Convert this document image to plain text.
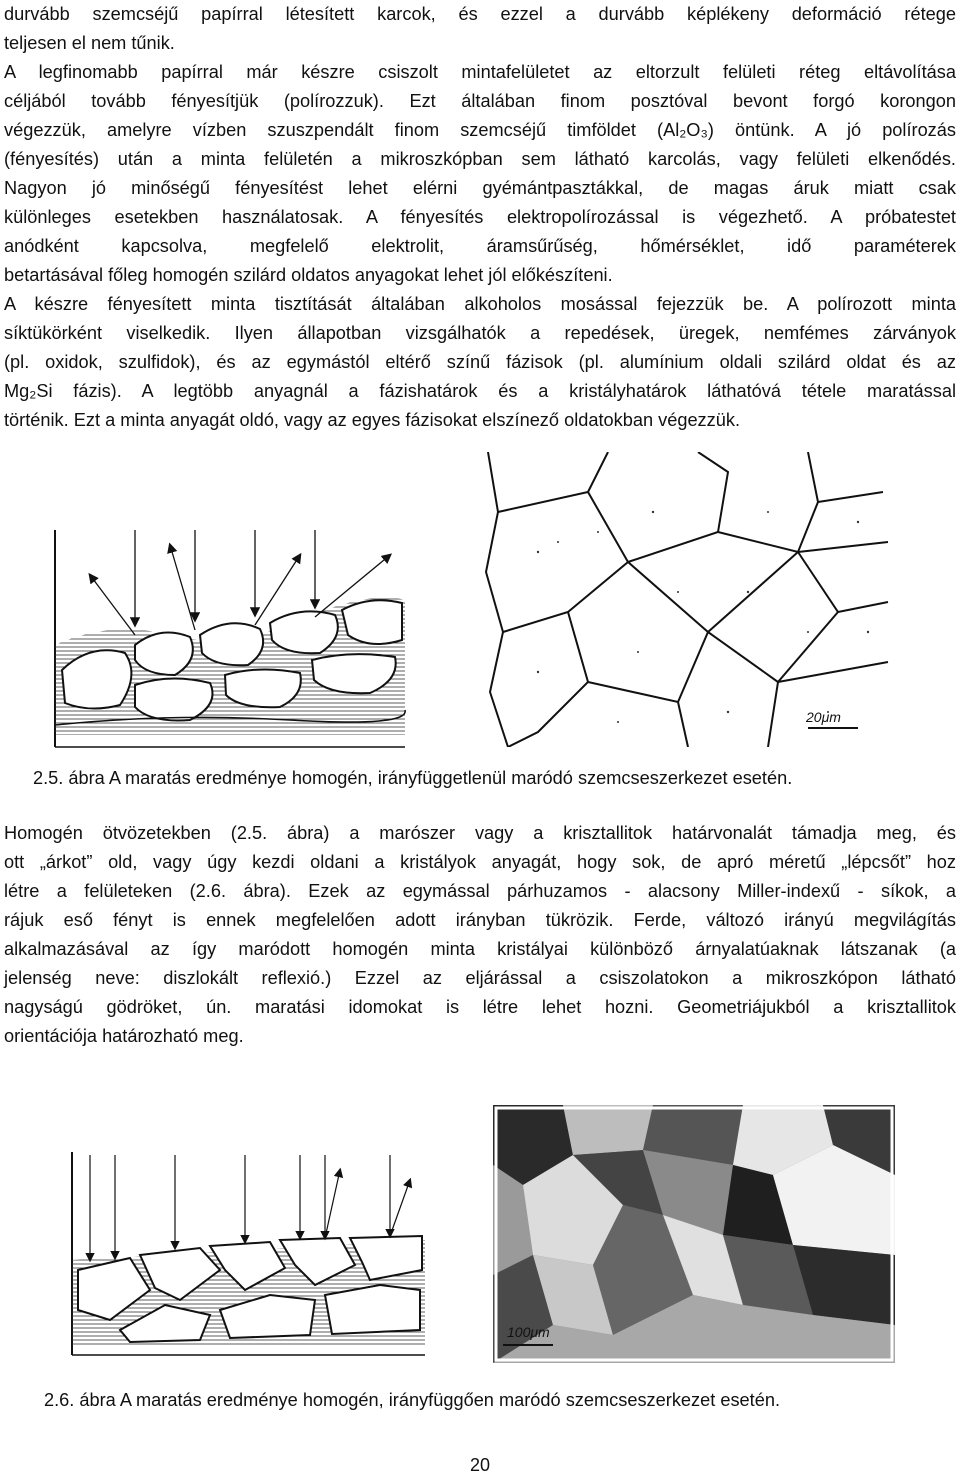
durvább szemcséjű papírral létesített karcok, és ezzel a durvább képlékeny deformáció rétege
teljesen el nem tűnik.
A legfinomabb papírral már készre csiszolt mintafelületet az eltorzult felületi réteg eltávolítása
céljából tovább fényesítjük (polírozzuk). Ezt általában finom posztóval bevont forgó korongon
végezzük, amelyre vízben szuszpendált finom szemcséjű timföldet (Al₂O₃) öntünk. A jó polírozás
(fényesítés) után a minta felületén a mikroszkópban sem látható karcolás, vagy felületi elkenődés.
Nagyon jó minőségű fényesítést lehet elérni gyémántpasztákkal, de magas áruk miatt csak
különleges esetekben használatosak. A fényesítés elektropolírozással is végezhető. A próbatestet
anódként kapcsolva, megfelelő elektrolit, áramsűrűség, hőmérséklet, idő paraméterek
betartásával főleg homogén szilárd oldatos anyagokat lehet jól előkészíteni.
A készre fényesített minta tisztítását általában alkoholos mosással fejezzük be. A polírozott minta
síktükörként viselkedik. Ilyen állapotban vizsgálhatók a repedések, üregek, nemfémes zárványok
(pl. oxidok, szulfidok), és az egymástól eltérő színű fázisok (pl. alumínium oldali szilárd oldat és az
Mg₂Si fázis). A legtöbb anyagnál a fázishatárok és a kristályhatárok láthatóvá tétele maratással
történik. Ezt a minta anyagát oldó, vagy az egyes fázisokat elszínező oldatokban végezzük.
20μm

2.5. ábra A maratás eredménye homogén, irányfüggetlenül maródó szemcseszerkezet esetén.

Homogén ötvözetekben (2.5. ábra) a marószer vagy a krisztallitok határvonalát támadja meg, és
ott „árkot” old, vagy úgy kezdi oldani a kristályok anyagát, hogy sok, de apró méretű „lépcsőt” hoz
létre a felületeken (2.6. ábra). Ezek az egymással párhuzamos - alacsony Miller-indexű - síkok, a
rájuk eső fényt is ennek megfelelően adott irányban tükrözik. Ferde, változó irányú megvilágítás
alkalmazásával az így maródott homogén minta kristályai különböző árnyalatúaknak látszanak (a
jelenség neve: diszlokált reflexió.) Ezzel az eljárással a csiszolatokon a mikroszkópon látható
nagyságú gödröket, ún. maratási idomokat is létre lehet hozni. Geometriájukból a krisztallitok
orientációja határozható meg.
100μm

2.6. ábra A maratás eredménye homogén, irányfüggően maródó szemcseszerkezet esetén.

20
